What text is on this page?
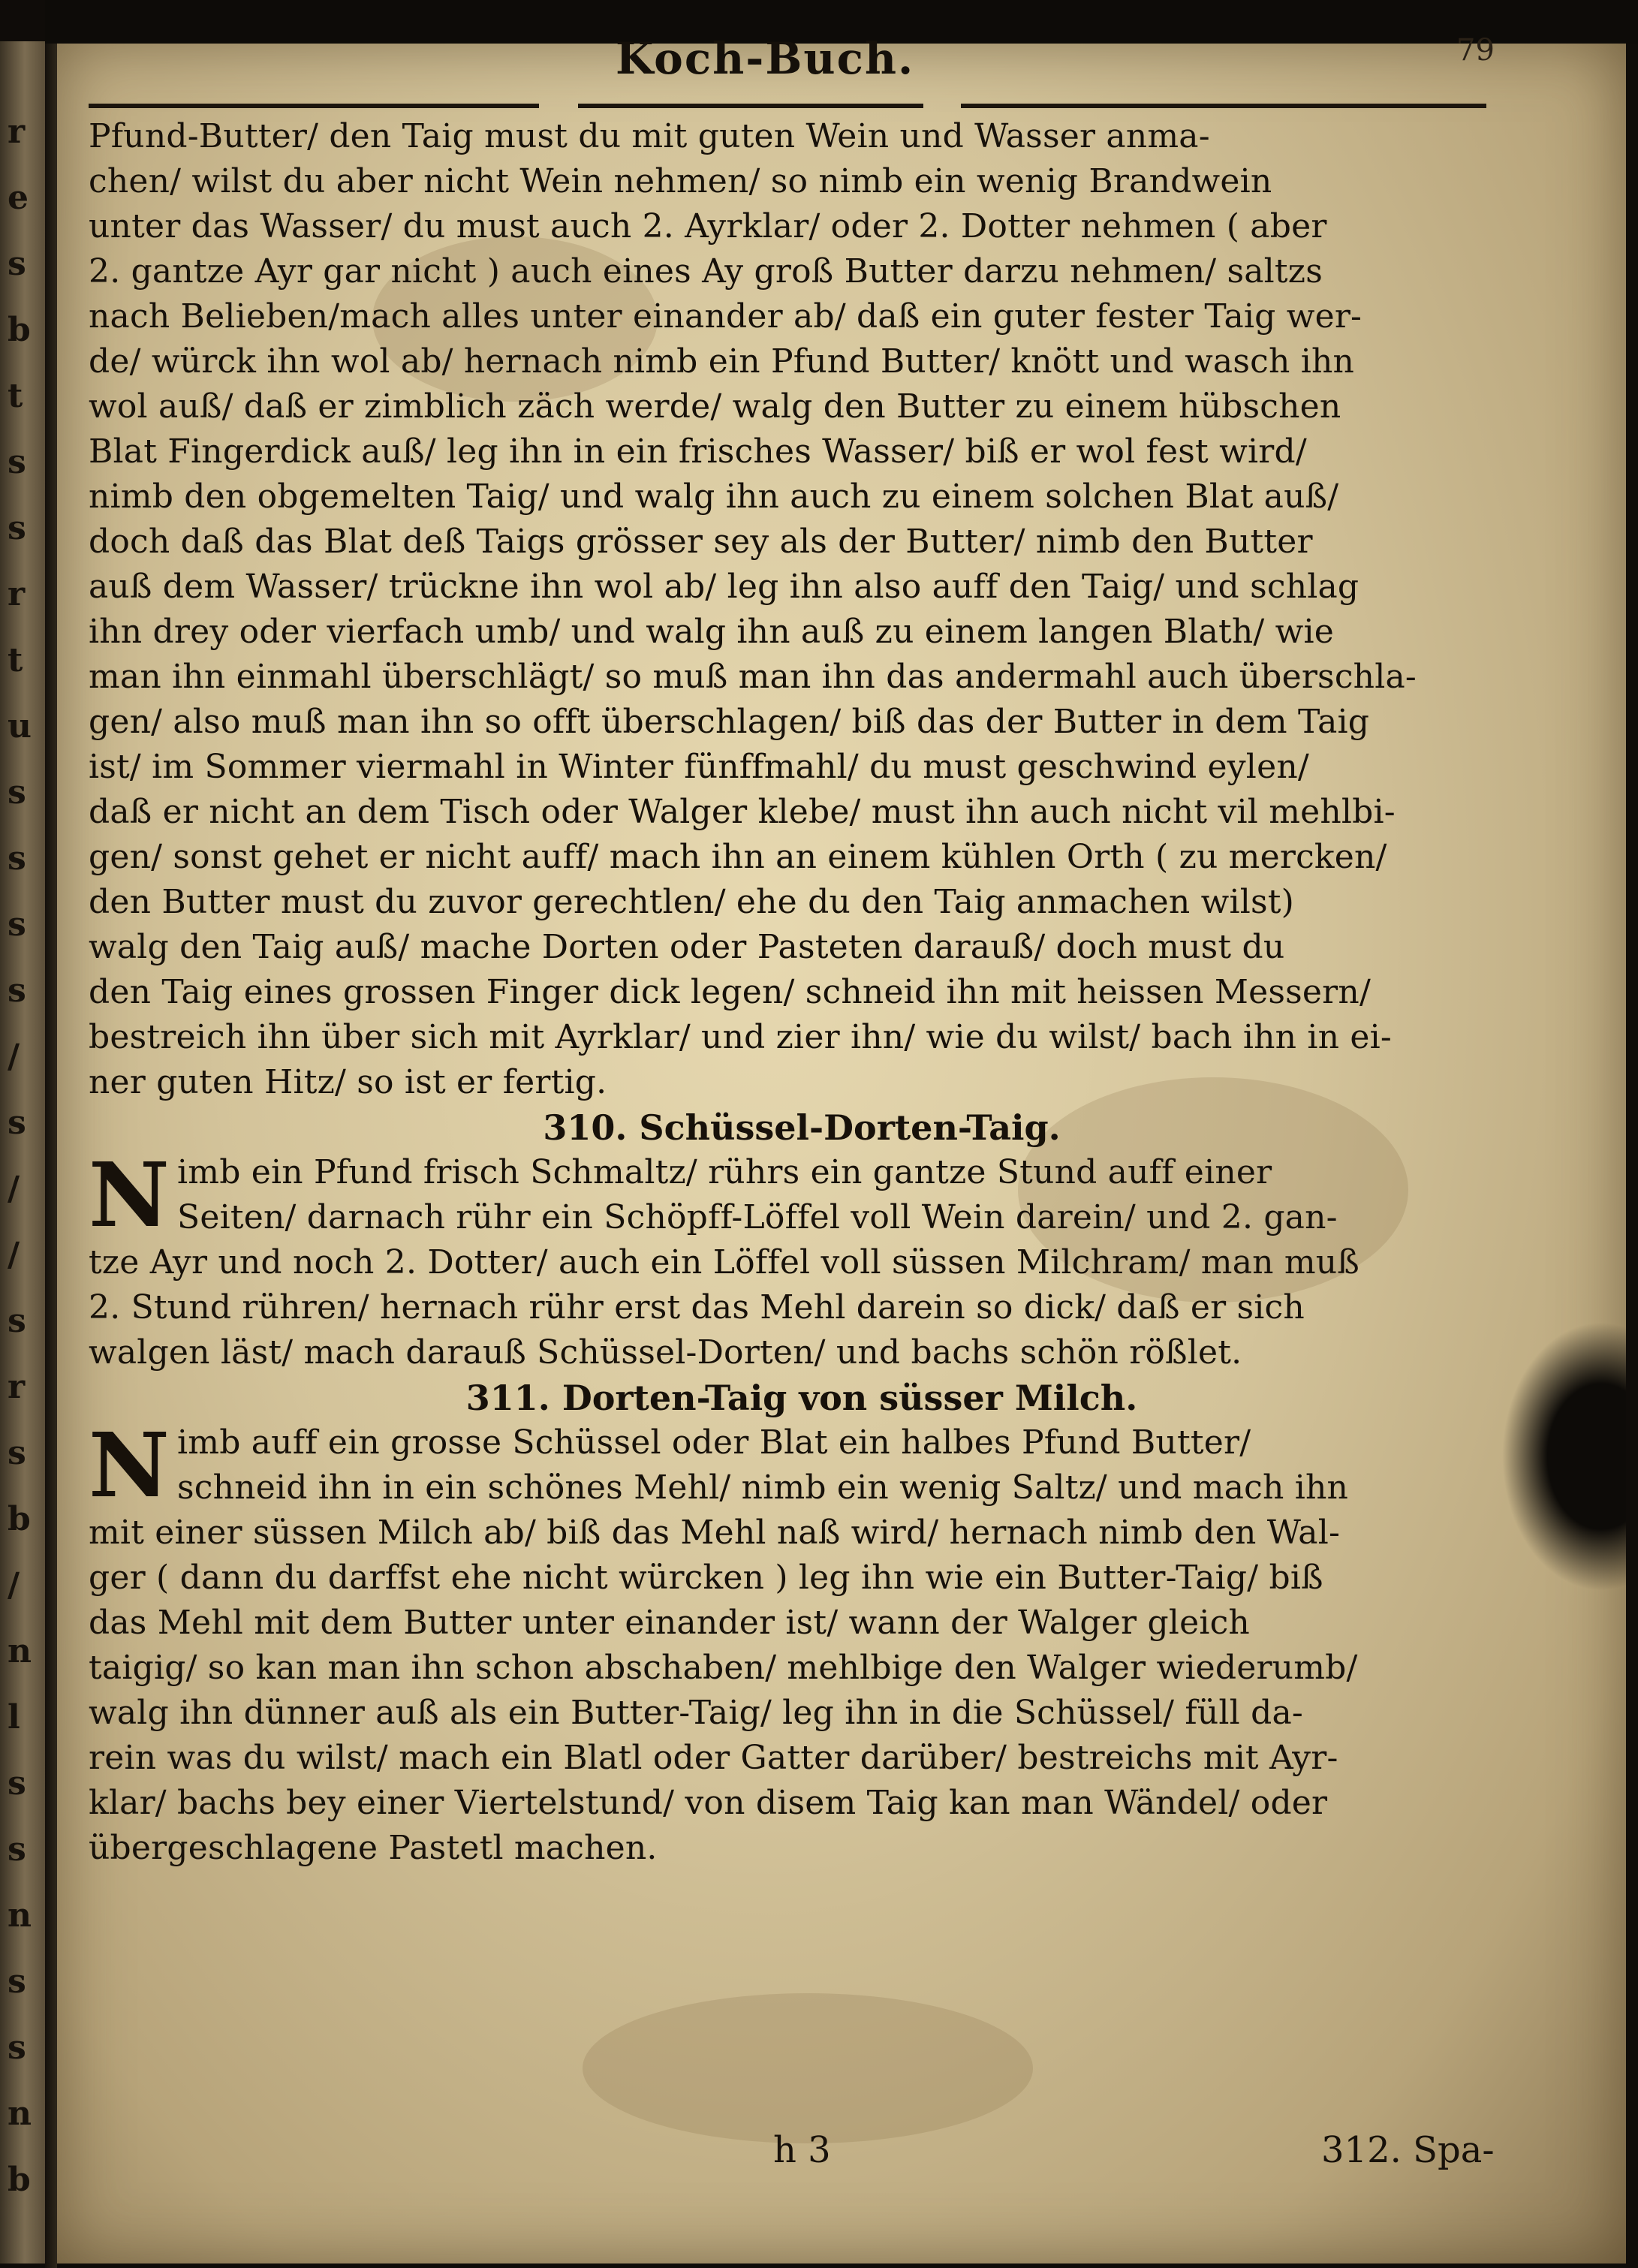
r
e
s
b
t
s
s
r
t
u
s
s
s
s
/
s
/
/
s
r
s
b
/
n
l
s
s
n
s
s
n
b
Koch-Buch.	79
Pfund-Butter/ den Taig must du mit guten Wein und Wasser anma-
chen/ wilst du aber nicht Wein nehmen/ so nimb ein wenig Brandwein
unter das Wasser/ du must auch 2. Ayrklar/ oder 2. Dotter nehmen ( aber
2. gantze Ayr gar nicht ) auch eines Ay groß Butter darzu nehmen/ saltzs
nach Belieben/mach alles unter einander ab/ daß ein guter fester Taig wer-
de/ würck ihn wol ab/ hernach nimb ein Pfund Butter/ knött und wasch ihn
wol auß/ daß er zimblich zäch werde/ walg den Butter zu einem hübschen
Blat Fingerdick auß/ leg ihn in ein frisches Wasser/ biß er wol fest wird/
nimb den obgemelten Taig/ und walg ihn auch zu einem solchen Blat auß/
doch daß das Blat deß Taigs grösser sey als der Butter/ nimb den Butter
auß dem Wasser/ trückne ihn wol ab/ leg ihn also auff den Taig/ und schlag
ihn drey oder vierfach umb/ und walg ihn auß zu einem langen Blath/ wie
man ihn einmahl überschlägt/ so muß man ihn das andermahl auch überschla-
gen/ also muß man ihn so offt überschlagen/ biß das der Butter in dem Taig
ist/ im Sommer viermahl in Winter fünffmahl/ du must geschwind eylen/
daß er nicht an dem Tisch oder Walger klebe/ must ihn auch nicht vil mehlbi-
gen/ sonst gehet er nicht auff/ mach ihn an einem kühlen Orth ( zu mercken/
den Butter must du zuvor gerechtlen/ ehe du den Taig anmachen wilst)
walg den Taig auß/ mache Dorten oder Pasteten darauß/ doch must du
den Taig eines grossen Finger dick legen/ schneid ihn mit heissen Messern/
bestreich ihn über sich mit Ayrklar/ und zier ihn/ wie du wilst/ bach ihn in ei-
ner guten Hitz/ so ist er fertig.
310. Schüssel-Dorten-Taig.
N imb ein Pfund frisch Schmaltz/ rührs ein gantze Stund auff einer
Seiten/ darnach rühr ein Schöpff-Löffel voll Wein darein/ und 2. gan-
tze Ayr und noch 2. Dotter/ auch ein Löffel voll süssen Milchram/ man muß
2. Stund rühren/ hernach rühr erst das Mehl darein so dick/ daß er sich
walgen läst/ mach darauß Schüssel-Dorten/ und bachs schön rößlet.
311. Dorten-Taig von süsser Milch.
N imb auff ein grosse Schüssel oder Blat ein halbes Pfund Butter/
schneid ihn in ein schönes Mehl/ nimb ein wenig Saltz/ und mach ihn
mit einer süssen Milch ab/ biß das Mehl naß wird/ hernach nimb den Wal-
ger ( dann du darffst ehe nicht würcken ) leg ihn wie ein Butter-Taig/ biß
das Mehl mit dem Butter unter einander ist/ wann der Walger gleich
taigig/ so kan man ihn schon abschaben/ mehlbige den Walger wiederumb/
walg ihn dünner auß als ein Butter-Taig/ leg ihn in die Schüssel/ füll da-
rein was du wilst/ mach ein Blatl oder Gatter darüber/ bestreichs mit Ayr-
klar/ bachs bey einer Viertelstund/ von disem Taig kan man Wändel/ oder
übergeschlagene Pastetl machen.
h 3	312. Spa-
